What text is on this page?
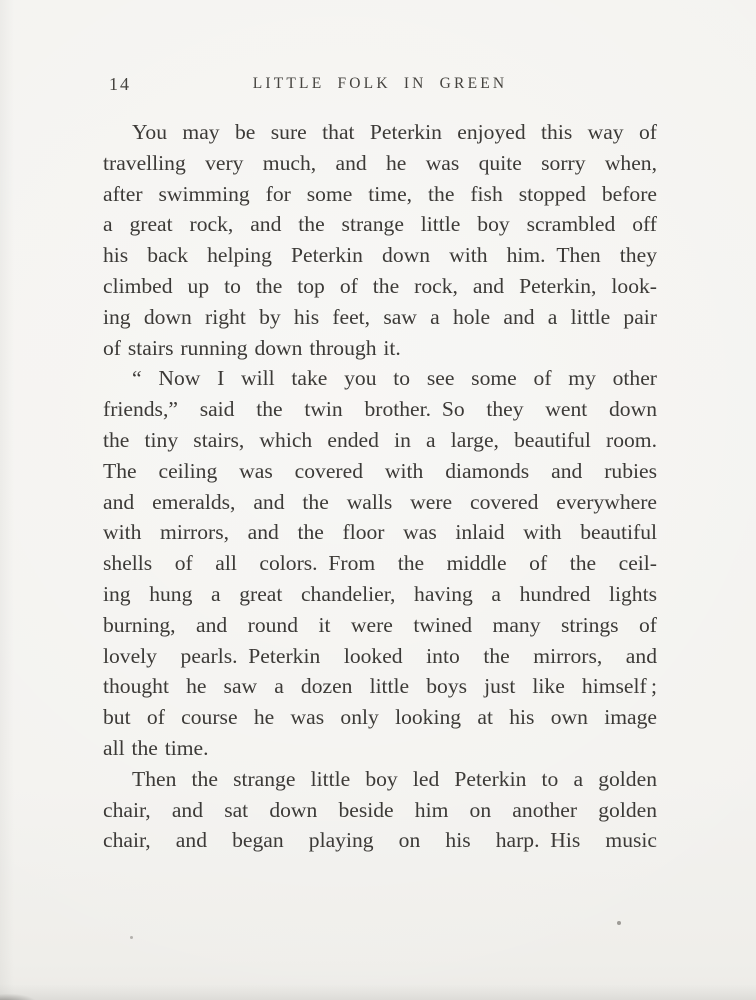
14	LITTLE FOLK IN GREEN
You may be sure that Peterkin enjoyed this way of
travelling very much, and he was quite sorry when,
after swimming for some time, the fish stopped before
a great rock, and the strange little boy scrambled off
his back helping Peterkin down with him. Then they
climbed up to the top of the rock, and Peterkin, look-
ing down right by his feet, saw a hole and a little pair
of stairs running down through it.
“ Now I will take you to see some of my other
friends,” said the twin brother. So they went down
the tiny stairs, which ended in a large, beautiful room.
The ceiling was covered with diamonds and rubies
and emeralds, and the walls were covered everywhere
with mirrors, and the floor was inlaid with beautiful
shells of all colors. From the middle of the ceil-
ing hung a great chandelier, having a hundred lights
burning, and round it were twined many strings of
lovely pearls. Peterkin looked into the mirrors, and
thought he saw a dozen little boys just like himself ;
but of course he was only looking at his own image
all the time.
Then the strange little boy led Peterkin to a golden
chair, and sat down beside him on another golden
chair, and began playing on his harp. His music
